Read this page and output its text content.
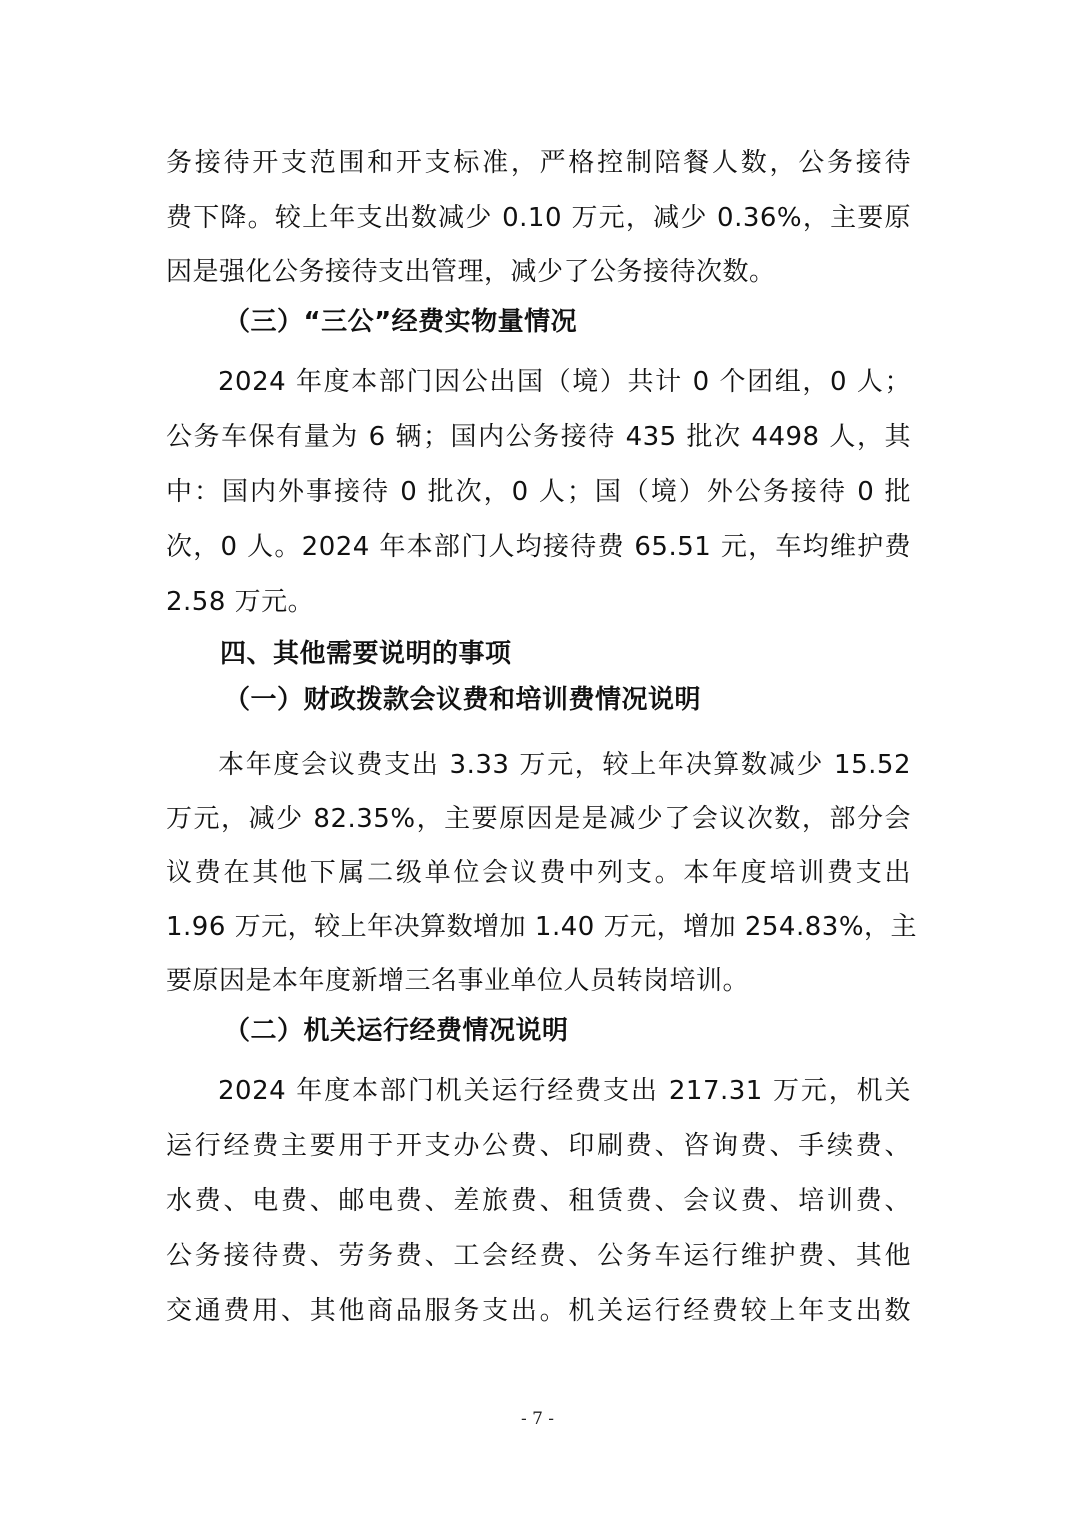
务接待开支范围和开支标准，严格控制陪餐人数，公务接待
费下降。较上年支出数减少 0.10 万元，减少 0.36%，主要原
因是强化公务接待支出管理，减少了公务接待次数。
（三）“三公”经费实物量情况
2024 年度本部门因公出国（境）共计 0 个团组，0 人；
公务车保有量为 6 辆；国内公务接待 435 批次 4498 人，其
中：国内外事接待 0 批次，0 人；国（境）外公务接待 0 批
次，0 人。2024 年本部门人均接待费 65.51 元，车均维护费
2.58 万元。
四、其他需要说明的事项
（一）财政拨款会议费和培训费情况说明
本年度会议费支出 3.33 万元，较上年决算数减少 15.52
万元，减少 82.35%，主要原因是是减少了会议次数，部分会
议费在其他下属二级单位会议费中列支。本年度培训费支出
1.96 万元，较上年决算数增加 1.40 万元，增加 254.83%，主
要原因是本年度新增三名事业单位人员转岗培训。
（二）机关运行经费情况说明
2024 年度本部门机关运行经费支出 217.31 万元，机关
运行经费主要用于开支办公费、印刷费、咨询费、手续费、
水费、电费、邮电费、差旅费、租赁费、会议费、培训费、
公务接待费、劳务费、工会经费、公务车运行维护费、其他
交通费用、其他商品服务支出。机关运行经费较上年支出数
- 7 -
